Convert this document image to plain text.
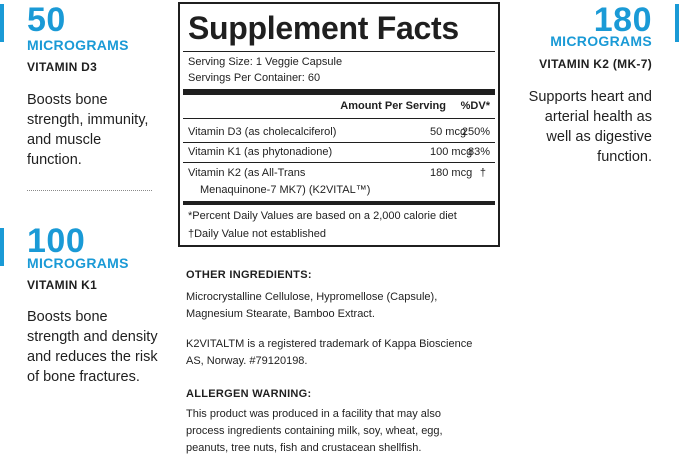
50
MICROGRAMS
VITAMIN D3
Boosts bone
strength, immunity,
and muscle
function.
100
MICROGRAMS
VITAMIN K1
Boosts bone
strength and density
and reduces the risk
of bone fractures.
180
MICROGRAMS
VITAMIN K2 (MK-7)
Supports heart and
arterial health as
well as digestive
function.
Supplement Facts
Serving Size: 1 Veggie Capsule
Servings Per Container: 60
Amount Per Serving %DV*
Vitamin D3 (as cholecalciferol)	50 mcg
250%
Vitamin K1 (as phytonadione)	100 mcg
83%
Vitamin K2 (as All-Trans
Menaquinone-7 MK7) (K2VITAL™)
180 mcg †
*Percent Daily Values are based on a 2,000 calorie diet
†Daily Value not established
OTHER INGREDIENTS:
Microcrystalline Cellulose, Hypromellose (Capsule),
Magnesium Stearate, Bamboo Extract.
K2VITALTM is a registered trademark of Kappa Bioscience
AS, Norway. #79120198.
ALLERGEN WARNING:
This product was produced in a facility that may also
process ingredients containing milk, soy, wheat, egg,
peanuts, tree nuts, fish and crustacean shellfish.
